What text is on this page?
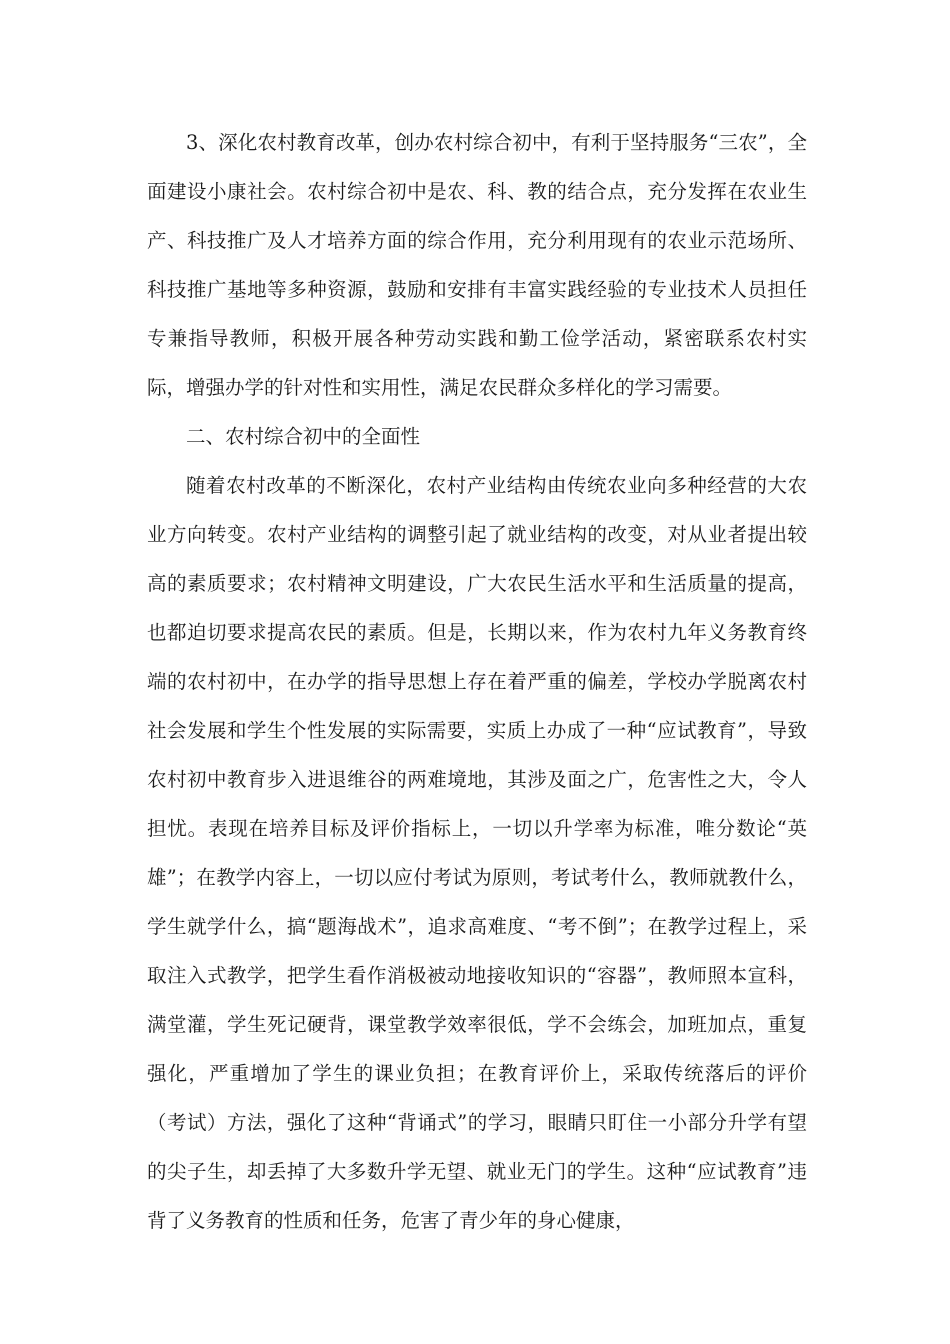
3、深化农村教育改革，创办农村综合初中，有利于坚持服务“三农”，全面建设小康社会。农村综合初中是农、科、教的结合点，充分发挥在农业生产、科技推广及人才培养方面的综合作用，充分利用现有的农业示范场所、科技推广基地等多种资源，鼓励和安排有丰富实践经验的专业技术人员担任专兼指导教师，积极开展各种劳动实践和勤工俭学活动，紧密联系农村实际，增强办学的针对性和实用性，满足农民群众多样化的学习需要。

二、农村综合初中的全面性

随着农村改革的不断深化，农村产业结构由传统农业向多种经营的大农业方向转变。农村产业结构的调整引起了就业结构的改变，对从业者提出较高的素质要求；农村精神文明建设，广大农民生活水平和生活质量的提高，也都迫切要求提高农民的素质。但是，长期以来，作为农村九年义务教育终端的农村初中，在办学的指导思想上存在着严重的偏差，学校办学脱离农村社会发展和学生个性发展的实际需要，实质上办成了一种“应试教育”，导致农村初中教育步入进退维谷的两难境地，其涉及面之广，危害性之大，令人担忧。表现在培养目标及评价指标上，一切以升学率为标准，唯分数论“英雄”；在教学内容上，一切以应付考试为原则，考试考什么，教师就教什么，学生就学什么，搞“题海战术”，追求高难度、“考不倒”；在教学过程上，采取注入式教学，把学生看作消极被动地接收知识的“容器”，教师照本宣科，满堂灌，学生死记硬背，课堂教学效率很低，学不会练会，加班加点，重复强化，严重增加了学生的课业负担；在教育评价上，采取传统落后的评价（考试）方法，强化了这种“背诵式”的学习，眼睛只盯住一小部分升学有望的尖子生，却丢掉了大多数升学无望、就业无门的学生。这种“应试教育”违背了义务教育的性质和任务，危害了青少年的身心健康，
